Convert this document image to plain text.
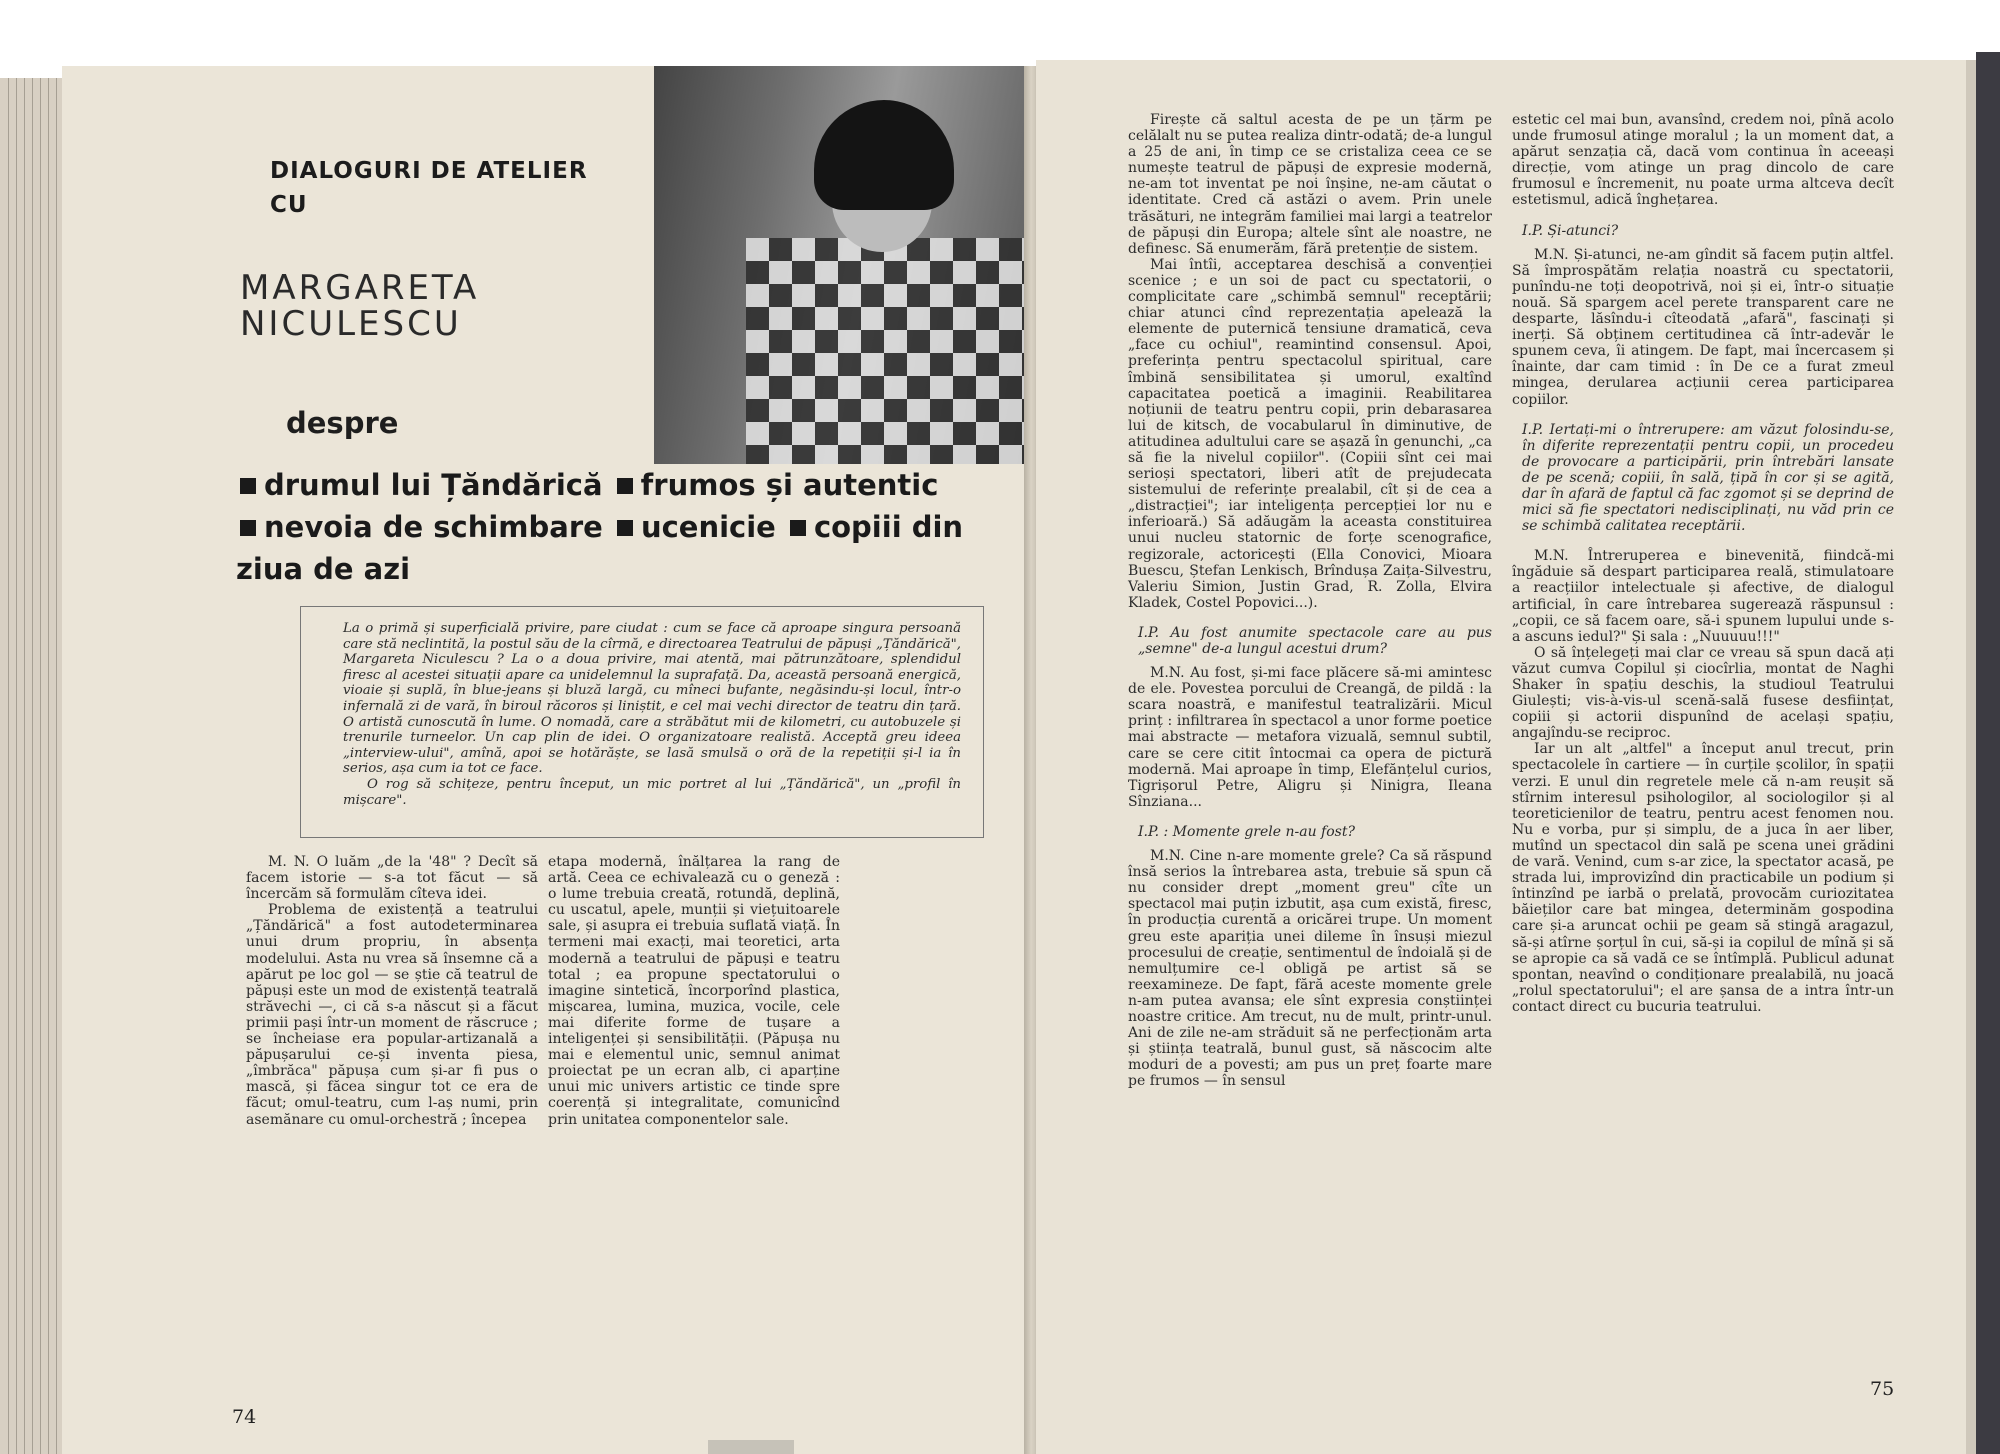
DIALOGURI DE ATELIER
CU
MARGARETA
NICULESCU
despre
drumul lui Țăndărică frumos și autentic
nevoia de schimbare ucenicie copiii din ziua de azi

La o primă și superficială privire, pare ciudat : cum se face că aproape singura persoană care stă neclintită, la postul său de la cîrmă, e directoarea Teatrului de păpuși „Țăndărică", Margareta Niculescu ? La o a doua privire, mai atentă, mai pătrunzătoare, splendidul firesc al acestei situații apare ca unidelemnul la suprafață. Da, această persoană energică, vioaie și suplă, în blue-jeans și bluză largă, cu mîneci bufante, negăsindu-și locul, într-o infernală zi de vară, în biroul răcoros și liniștit, e cel mai vechi director de teatru din țară. O artistă cunoscută în lume. O nomadă, care a străbătut mii de kilometri, cu autobuzele și trenurile turneelor. Un cap plin de idei. O organizatoare realistă. Acceptă greu ideea „interview-ului", amînă, apoi se hotărăște, se lasă smulsă o oră de la repetiții și-l ia în serios, așa cum ia tot ce face.

O rog să schițeze, pentru început, un mic portret al lui „Țăndărică", un „profil în mișcare".

M. N. O luăm „de la '48" ? Decît să facem istorie — s-a tot făcut — să încercăm să formulăm cîteva idei.

Problema de existență a teatrului „Țăndărică" a fost autodeterminarea unui drum propriu, în absența modelului. Asta nu vrea să însemne că a apărut pe loc gol — se știe că teatrul de păpuși este un mod de existență teatrală străvechi —, ci că s-a născut și a făcut primii pași într-un moment de răscruce ; se încheiase era popular-artizanală a păpușarului ce-și inventa piesa, „îmbrăca" păpușa cum și-ar fi pus o mască, și făcea singur tot ce era de făcut; omul-teatru, cum l-aș numi, prin asemănare cu omul-orchestră ; începea

etapa modernă, înălțarea la rang de artă. Ceea ce echivalează cu o geneză : o lume trebuia creată, rotundă, deplină, cu uscatul, apele, munții și viețuitoarele sale, și asupra ei trebuia suflată viață. În termeni mai exacți, mai teoretici, arta modernă a teatrului de păpuși e teatru total ; ea propune spectatorului o imagine sintetică, încorporînd plastica, mișcarea, lumina, muzica, vocile, cele mai diferite forme de tușare a inteligenței și sensibilității. (Păpușa nu mai e elementul unic, semnul animat proiectat pe un ecran alb, ci aparține unui mic univers artistic ce tinde spre coerență și integralitate, comunicînd prin unitatea componentelor sale.

74

Firește că saltul acesta de pe un țărm pe celălalt nu se putea realiza dintr-odată; de-a lungul a 25 de ani, în timp ce se cristaliza ceea ce se numește teatrul de păpuși de expresie modernă, ne-am tot inventat pe noi înșine, ne-am căutat o identitate. Cred că astăzi o avem. Prin unele trăsături, ne integrăm familiei mai largi a teatrelor de păpuși din Europa; altele sînt ale noastre, ne definesc. Să enumerăm, fără pretenție de sistem.

Mai întîi, acceptarea deschisă a convenției scenice ; e un soi de pact cu spectatorii, o complicitate care „schimbă semnul" receptării; chiar atunci cînd reprezentația apelează la elemente de puternică tensiune dramatică, ceva „face cu ochiul", reamintind consensul. Apoi, preferința pentru spectacolul spiritual, care îmbină sensibilitatea și umorul, exaltînd capacitatea poetică a imaginii. Reabilitarea noțiunii de teatru pentru copii, prin debarasarea lui de kitsch, de vocabularul în diminutive, de atitudinea adultului care se așază în genunchi, „ca să fie la nivelul copiilor". (Copiii sînt cei mai serioși spectatori, liberi atît de prejudecata sistemului de referințe prealabil, cît și de cea a „distracției"; iar inteligența percepției lor nu e inferioară.) Să adăugăm la aceasta constituirea unui nucleu statornic de forțe scenografice, regizorale, actoricești (Ella Conovici, Mioara Buescu, Ștefan Lenkisch, Brîndușa Zaița-Silvestru, Valeriu Simion, Justin Grad, R. Zolla, Elvira Kladek, Costel Popovici...).

I.P. Au fost anumite spectacole care au pus „semne" de-a lungul acestui drum?

M.N. Au fost, și-mi face plăcere să-mi amintesc de ele. Povestea porcului de Creangă, de pildă : la scara noastră, e manifestul teatralizării. Micul prinț : infiltrarea în spectacol a unor forme poetice mai abstracte — metafora vizuală, semnul subtil, care se cere citit întocmai ca opera de pictură modernă. Mai aproape în timp, Elefănțelul curios, Tigrișorul Petre, Aligru și Ninigra, Ileana Sînziana...

I.P. : Momente grele n-au fost?

M.N. Cine n-are momente grele? Ca să răspund însă serios la întrebarea asta, trebuie să spun că nu consider drept „moment greu" cîte un spectacol mai puțin izbutit, așa cum există, firesc, în producția curentă a oricărei trupe. Un moment greu este apariția unei dileme în însuși miezul procesului de creație, sentimentul de îndoială și de nemulțumire ce-l obligă pe artist să se reexamineze. De fapt, fără aceste momente grele n-am putea avansa; ele sînt expresia conștiinței noastre critice. Am trecut, nu de mult, printr-unul. Ani de zile ne-am străduit să ne perfecționăm arta și știința teatrală, bunul gust, să născocim alte moduri de a povesti; am pus un preț foarte mare pe frumos — în sensul

estetic cel mai bun, avansînd, credem noi, pînă acolo unde frumosul atinge moralul ; la un moment dat, a apărut senzația că, dacă vom continua în aceeași direcție, vom atinge un prag dincolo de care frumosul e încremenit, nu poate urma altceva decît estetismul, adică înghețarea.

I.P. Și-atunci?

M.N. Și-atunci, ne-am gîndit să facem puțin altfel. Să împrospătăm relația noastră cu spectatorii, punîndu-ne toți deopotrivă, noi și ei, într-o situație nouă. Să spargem acel perete transparent care ne desparte, lăsîndu-i cîteodată „afară", fascinați și inerți. Să obținem certitudinea că într-adevăr le spunem ceva, îi atingem. De fapt, mai încercasem și înainte, dar cam timid : în De ce a furat zmeul mingea, derularea acțiunii cerea participarea copiilor.

I.P. Iertați-mi o întrerupere: am văzut folosindu-se, în diferite reprezentații pentru copii, un procedeu de provocare a participării, prin întrebări lansate de pe scenă; copiii, în sală, țipă în cor și se agită, dar în afară de faptul că fac zgomot și se deprind de mici să fie spectatori nedisciplinați, nu văd prin ce se schimbă calitatea receptării.

M.N. Întreruperea e binevenită, fiindcă-mi îngăduie să despart participarea reală, stimulatoare a reacțiilor intelectuale și afective, de dialogul artificial, în care întrebarea sugerează răspunsul : „copii, ce să facem oare, să-i spunem lupului unde s-a ascuns iedul?" Și sala : „Nuuuuu!!!"

O să înțelegeți mai clar ce vreau să spun dacă ați văzut cumva Copilul și ciocîrlia, montat de Naghi Shaker în spațiu deschis, la studioul Teatrului Giulești; vis-à-vis-ul scenă-sală fusese desființat, copiii și actorii dispunînd de același spațiu, angajîndu-se reciproc.

Iar un alt „altfel" a început anul trecut, prin spectacolele în cartiere — în curțile școlilor, în spații verzi. E unul din regretele mele că n-am reușit să stîrnim interesul psihologilor, al sociologilor și al teoreticienilor de teatru, pentru acest fenomen nou. Nu e vorba, pur și simplu, de a juca în aer liber, mutînd un spectacol din sală pe scena unei grădini de vară. Venind, cum s-ar zice, la spectator acasă, pe strada lui, improvizînd din practicabile un podium și întinzînd pe iarbă o prelată, provocăm curiozitatea băieților care bat mingea, determinăm gospodina care și-a aruncat ochii pe geam să stingă aragazul, să-și atîrne șorțul în cui, să-și ia copilul de mînă și să se apropie ca să vadă ce se întîmplă. Publicul adunat spontan, neavînd o condiționare prealabilă, nu joacă „rolul spectatorului"; el are șansa de a intra într-un contact direct cu bucuria teatrului.

75
